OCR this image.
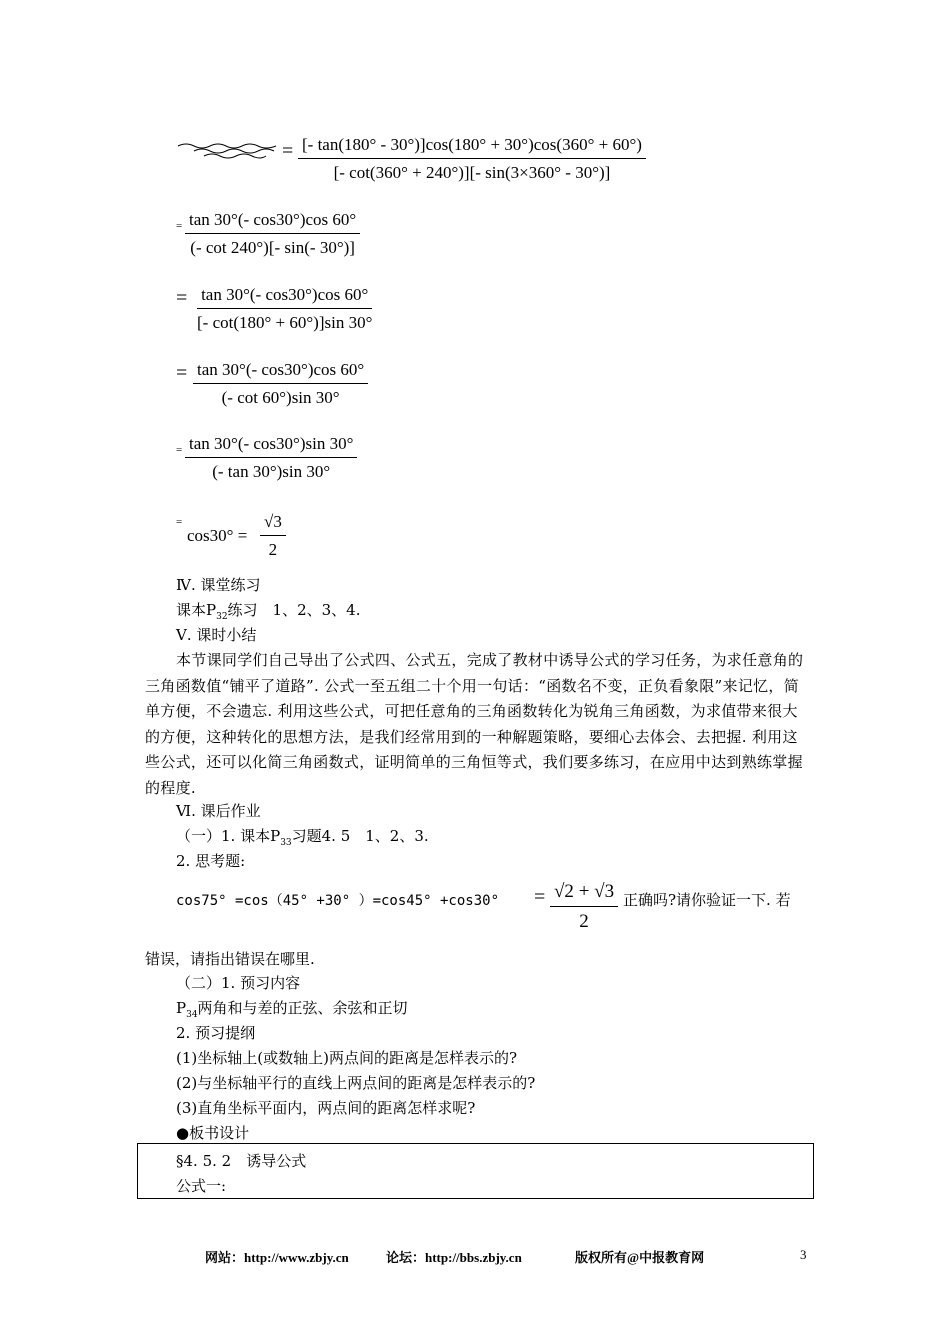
= $\frac{[- \tan(180^\circ - 30^\circ)]\cos(180^\circ + 30^\circ)\cos(360^\circ + 60^\circ)}{[- \cot(360^\circ + 240^\circ)][- \sin(3\times 360^\circ - 30^\circ)]}$
= $\frac{\tan 30^\circ(- \cos 30^\circ)\cos 60^\circ}{(- \cot 240^\circ)[- \sin(- 30^\circ)]}$
= $\frac{\tan 30^\circ(- \cos 30^\circ)\cos 60^\circ}{[- \cot(180^\circ + 60^\circ)]\sin 30^\circ}$
= $\frac{\tan 30^\circ(- \cos 30^\circ)\cos 60^\circ}{(- \cot 60^\circ)\sin 30^\circ}$
= $\frac{\tan 30^\circ(- \cos 30^\circ)\sin 30^\circ}{(- \tan 30^\circ)\sin 30^\circ}$
=
$\cos 30^\circ = \frac{√3}{2}$
Ⅳ. 课堂练习
课本$P_{32}$练习　1、2、3、4.
Ⅴ. 课时小结
本节课同学们自己导出了公式四、公式五，完成了教材中诱导公式的学习任务，为求任意角的三角函数值“铺平了道路”. 公式一至五组二十个用一句话：“函数名不变，正负看象限”来记忆，简单方便，不会遗忘. 利用这些公式，可把任意角的三角函数转化为锐角三角函数，为求值带来很大的方便，这种转化的思想方法，是我们经常用到的一种解题策略，要细心去体会、去把握. 利用这些公式，还可以化简三角函数式，证明简单的三角恒等式，我们要多练习，在应用中达到熟练掌握的程度.
Ⅵ. 课后作业
（一）1. 课本$P_{33}$习题4. 5　1、2、3.
2. 思考题:
cos75° =cos（45° +30° ）$=\cos 45^\circ +\cos 30^\circ = \frac{√2 + √3}{2}$ 正确吗?请你验证一下. 若
错误，请指出错误在哪里.
（二）1. 预习内容
$P_{34}$两角和与差的正弦、余弦和正切
2. 预习提纲
(1)坐标轴上(或数轴上)两点间的距离是怎样表示的?
(2)与坐标轴平行的直线上两点间的距离是怎样表示的?
(3)直角坐标平面内，两点间的距离怎样求呢?
●板书设计
§4. 5. 2　诱导公式
公式一:
网站：http://www.zbjy.cn	论坛：http://bbs.zbjy.cn	版权所有@中报教育网	3
